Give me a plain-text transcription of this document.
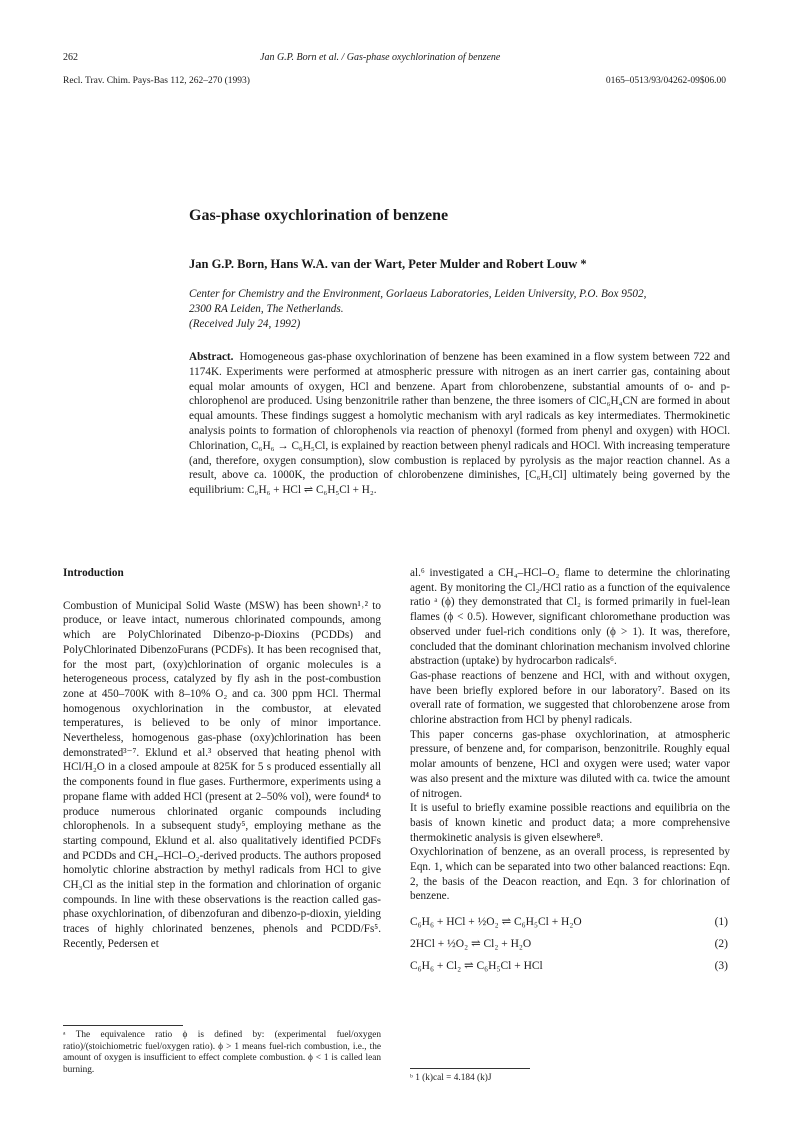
262	Jan G.P. Born et al. / Gas-phase oxychlorination of benzene
Recl. Trav. Chim. Pays-Bas 112, 262–270 (1993)	0165–0513/93/04262-09$06.00
Gas-phase oxychlorination of benzene
Jan G.P. Born, Hans W.A. van der Wart, Peter Mulder and Robert Louw *
Center for Chemistry and the Environment, Gorlaeus Laboratories, Leiden University, P.O. Box 9502,
2300 RA Leiden, The Netherlands.
(Received July 24, 1992)
Abstract. Homogeneous gas-phase oxychlorination of benzene has been examined in a flow system between 722 and 1174K. Experiments were performed at atmospheric pressure with nitrogen as an inert carrier gas, containing about equal molar amounts of oxygen, HCl and benzene. Apart from chlorobenzene, substantial amounts of o- and p-chlorophenol are produced. Using benzonitrile rather than benzene, the three isomers of ClC₆H₄CN are formed in about equal amounts. These findings suggest a homolytic mechanism with aryl radicals as key intermediates. Thermokinetic analysis points to formation of chlorophenols via reaction of phenoxyl (formed from phenyl and oxygen) with HOCl. Chlorination, C₆H₆ → C₆H₅Cl, is explained by reaction between phenyl radicals and HOCl. With increasing temperature (and, therefore, oxygen consumption), slow combustion is replaced by pyrolysis as the major reaction channel. As a result, above ca. 1000K, the production of chlorobenzene diminishes, [C₆H₅Cl] ultimately being governed by the equilibrium: C₆H₆ + HCl ⇌ C₆H₅Cl + H₂.
Introduction

Combustion of Municipal Solid Waste (MSW) has been shown¹˒² to produce, or leave intact, numerous chlorinated compounds, among which are PolyChlorinated Dibenzo-p-Dioxins (PCDDs) and PolyChlorinated DibenzoFurans (PCDFs). It has been recognised that, for the most part, (oxy)chlorination of organic molecules is a heterogeneous process, catalyzed by fly ash in the post-combustion zone at 450–700K with 8–10% O₂ and ca. 300 ppm HCl. Thermal homogenous oxychlorination in the combustor, at elevated temperatures, is believed to be only of minor importance. Nevertheless, homogenous gas-phase (oxy)chlorination has been demonstrated³⁻⁷. Eklund et al.³ observed that heating phenol with HCl/H₂O in a closed ampoule at 825K for 5 s produced essentially all the components found in flue gases. Furthermore, experiments using a propane flame with added HCl (present at 2–50% vol), were found⁴ to produce numerous chlorinated organic compounds including chlorophenols. In a subsequent study⁵, employing methane as the starting compound, Eklund et al. also qualitatively identified PCDFs and PCDDs and CH₄–HCl–O₂-derived products. The authors proposed homolytic chlorine abstraction by methyl radicals from HCl to give CH₃Cl as the initial step in the formation and chlorination of organic compounds. In line with these observations is the reaction called gas-phase oxychlorination, of dibenzofuran and dibenzo-p-dioxin, yielding traces of highly chlorinated benzenes, phenols and PCDD/Fs⁵. Recently, Pedersen et

al.⁶ investigated a CH₄–HCl–O₂ flame to determine the chlorinating agent. By monitoring the Cl₂/HCl ratio as a function of the equivalence ratio ᵃ (ϕ) they demonstrated that Cl₂ is formed primarily in fuel-lean flames (ϕ < 0.5). However, significant chloromethane production was observed under fuel-rich conditions only (ϕ > 1). It was, therefore, concluded that the dominant chlorination mechanism involved chlorine abstraction (uptake) by hydrocarbon radicals⁶.

Gas-phase reactions of benzene and HCl, with and without oxygen, have been briefly explored before in our laboratory⁷. Based on its overall rate of formation, we suggested that chlorobenzene arose from chlorine abstraction from HCl by phenyl radicals.

This paper concerns gas-phase oxychlorination, at atmospheric pressure, of benzene and, for comparison, benzonitrile. Roughly equal molar amounts of benzene, HCl and oxygen were used; water vapor was also present and the mixture was diluted with ca. twice the amount of nitrogen.

It is useful to briefly examine possible reactions and equilibria on the basis of known kinetic and product data; a more comprehensive thermokinetic analysis is given elsewhere⁸.

Oxychlorination of benzene, as an overall process, is represented by Eqn. 1, which can be separated into two other balanced reactions: Eqn. 2, the basis of the Deacon reaction, and Eqn. 3 for chlorination of benzene.

C₆H₆ + HCl + ½O₂ ⇌ C₆H₅Cl + H₂O	(1)
2HCl + ½O₂ ⇌ Cl₂ + H₂O	(2)
C₆H₆ + Cl₂ ⇌ C₆H₅Cl + HCl	(3)
ᵃ The equivalence ratio ϕ is defined by: (experimental fuel/oxygen ratio)/(stoichiometric fuel/oxygen ratio). ϕ > 1 means fuel-rich combustion, i.e., the amount of oxygen is insufficient to effect complete combustion. ϕ < 1 is called lean burning.
ᵇ 1 (k)cal = 4.184 (k)J
